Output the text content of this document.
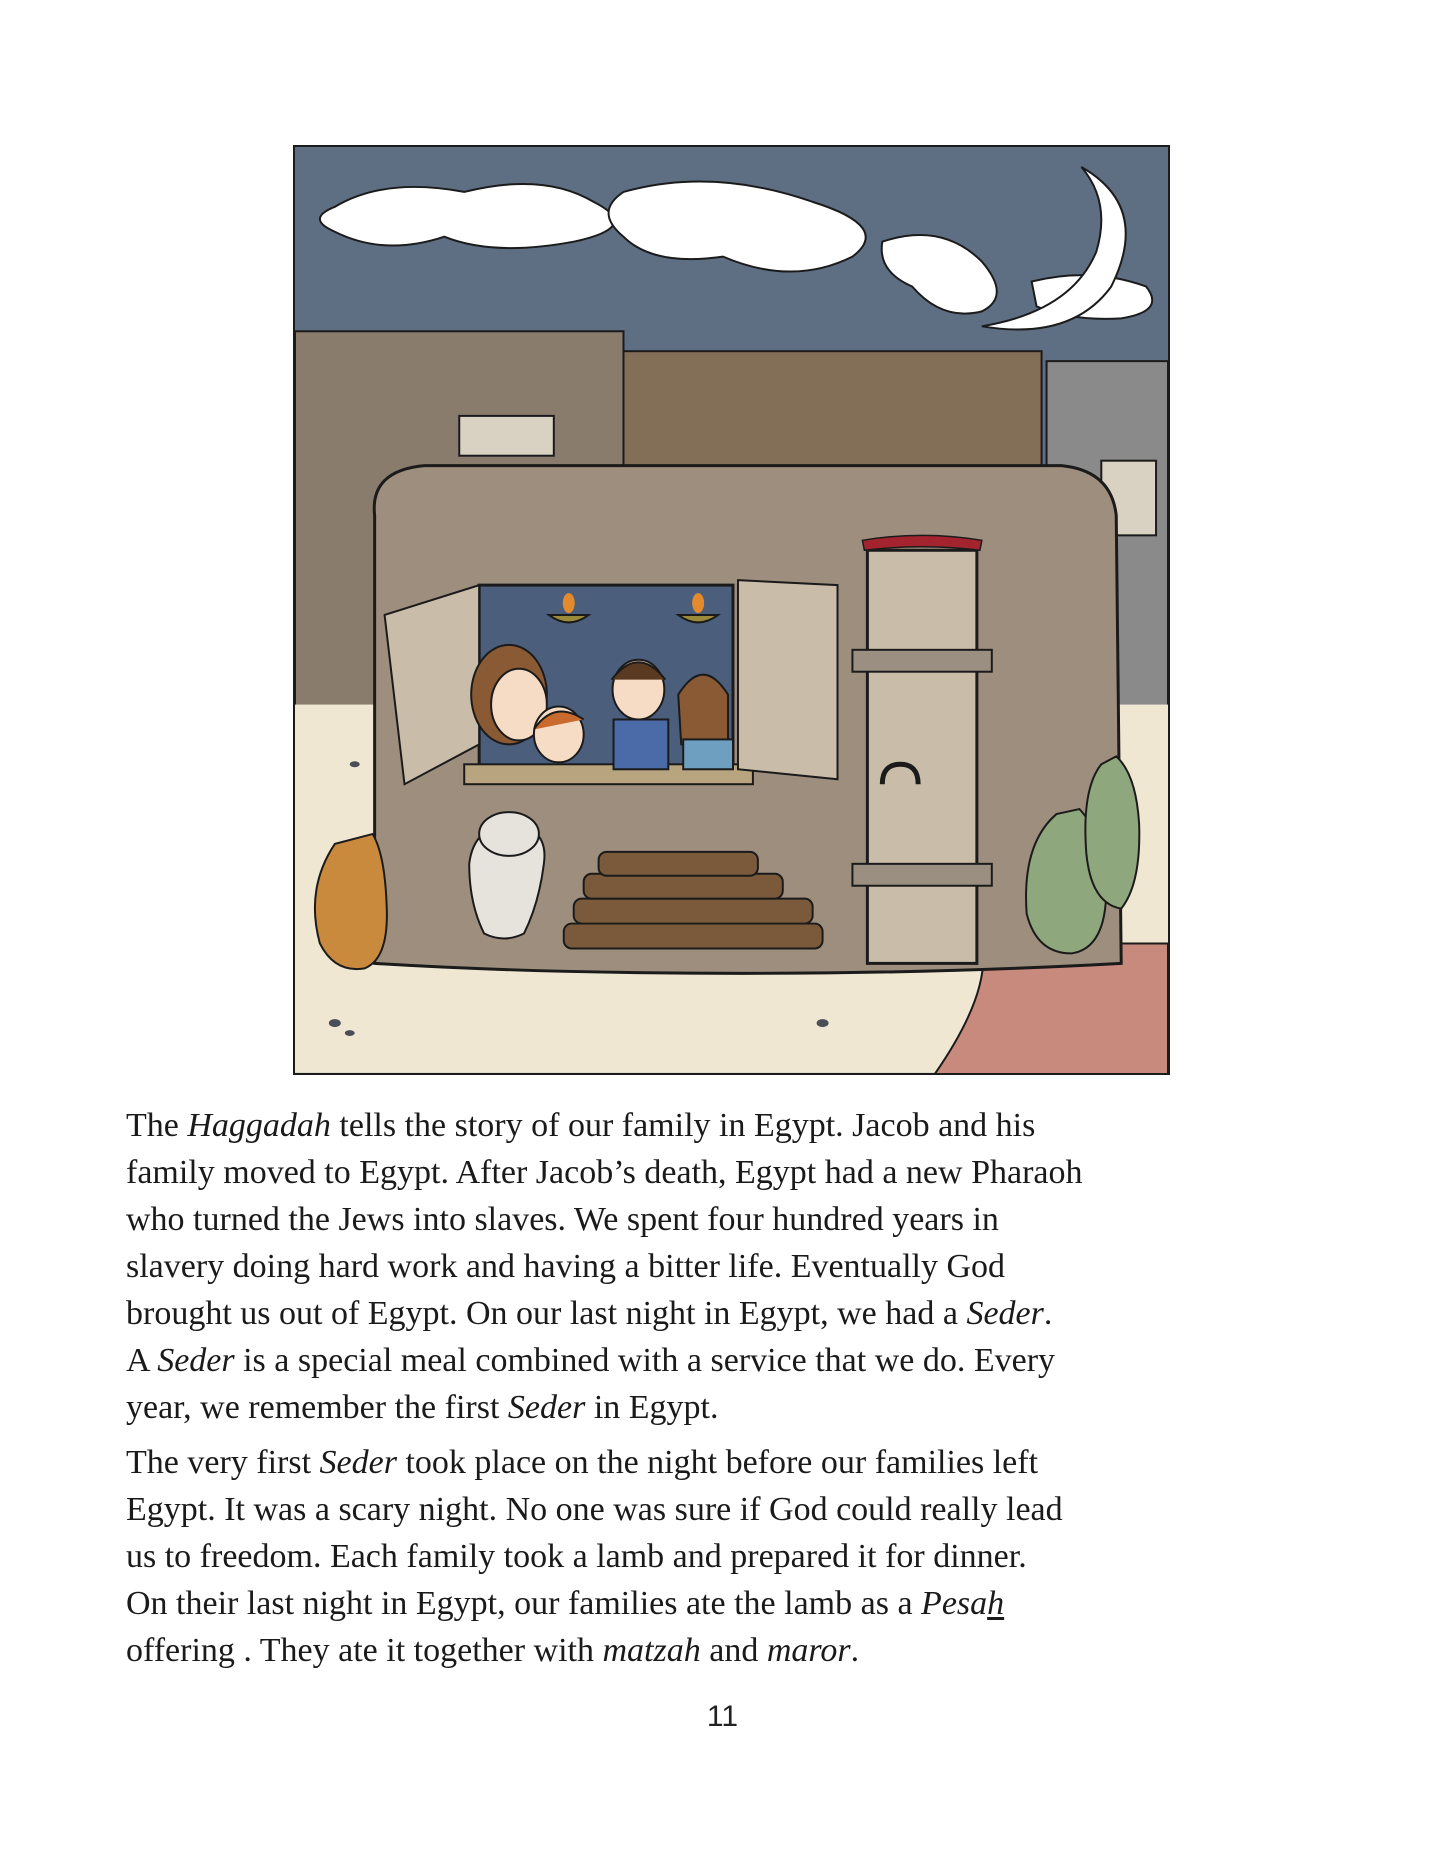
The Haggadah tells the story of our family in Egypt. Jacob and his
family moved to Egypt. After Jacob’s death, Egypt had a new Pharaoh
who turned the Jews into slaves. We spent four hundred years in
slavery doing hard work and having a bitter life. Eventually God
brought us out of Egypt. On our last night in Egypt, we had a Seder.
A Seder is a special meal combined with a service that we do. Every
year, we remember the first Seder in Egypt.

The very first Seder took place on the night before our families left
Egypt. It was a scary night. No one was sure if God could really lead
us to freedom. Each family took a lamb and prepared it for dinner.
On their last night in Egypt, our families ate the lamb as a Pesah
offering . They ate it together with matzah and maror.

11
